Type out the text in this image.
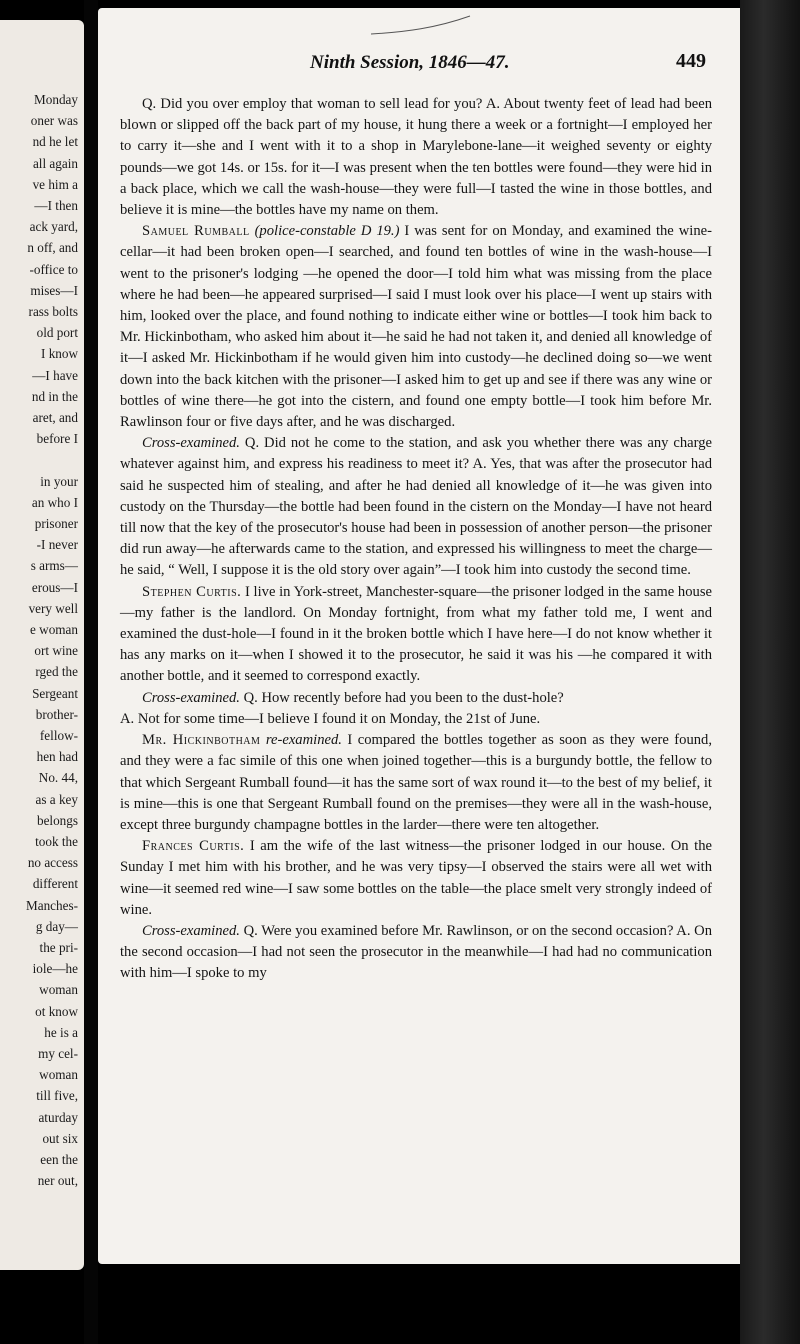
Monday
oner was
nd he let
all again
ve him a
—I then
ack yard,
n off, and
-office to
mises—I
rass bolts
old port
I know
—I have
nd in the
aret, and
before I
in your
an who I
prisoner
-I never
s arms—
erous—I
very well
e woman
ort wine
rged the
Sergeant
brother-
fellow-
hen had
No. 44,
as a key
belongs
took the
no access
different
Manches-
g day—
the pri-
iole—he
woman
ot know
he is a
my cel-
woman
till five,
aturday
out six
een the
ner out,
Ninth Session, 1846—47.	449

Q. Did you over employ that woman to sell lead for you? A. About twenty feet of lead had been blown or slipped off the back part of my house, it hung there a week or a fortnight—I employed her to carry it—she and I went with it to a shop in Marylebone-lane—it weighed seventy or eighty pounds—we got 14s. or 15s. for it—I was present when the ten bottles were found—they were hid in a back place, which we call the wash-house—they were full—I tasted the wine in those bottles, and believe it is mine—the bottles have my name on them.

Samuel Rumball (police-constable D 19.) I was sent for on Monday, and examined the wine-cellar—it had been broken open—I searched, and found ten bottles of wine in the wash-house—I went to the prisoner's lodging —he opened the door—I told him what was missing from the place where he had been—he appeared surprised—I said I must look over his place—I went up stairs with him, looked over the place, and found nothing to indicate either wine or bottles—I took him back to Mr. Hickinbotham, who asked him about it—he said he had not taken it, and denied all knowledge of it—I asked Mr. Hickinbotham if he would given him into custody—he declined doing so—we went down into the back kitchen with the prisoner—I asked him to get up and see if there was any wine or bottles of wine there—he got into the cistern, and found one empty bottle—I took him before Mr. Rawlinson four or five days after, and he was discharged.

Cross-examined. Q. Did not he come to the station, and ask you whether there was any charge whatever against him, and express his readiness to meet it? A. Yes, that was after the prosecutor had said he suspected him of stealing, and after he had denied all knowledge of it—he was given into custody on the Thursday—the bottle had been found in the cistern on the Monday—I have not heard till now that the key of the prosecutor's house had been in possession of another person—the prisoner did run away—he afterwards came to the station, and expressed his willingness to meet the charge—he said, “ Well, I suppose it is the old story over again”—I took him into custody the second time.

Stephen Curtis. I live in York-street, Manchester-square—the prisoner lodged in the same house—my father is the landlord. On Monday fortnight, from what my father told me, I went and examined the dust-hole—I found in it the broken bottle which I have here—I do not know whether it has any marks on it—when I showed it to the prosecutor, he said it was his —he compared it with another bottle, and it seemed to correspond exactly.

Cross-examined. Q. How recently before had you been to the dust-hole?

A. Not for some time—I believe I found it on Monday, the 21st of June.

Mr. Hickinbotham re-examined. I compared the bottles together as soon as they were found, and they were a fac simile of this one when joined together—this is a burgundy bottle, the fellow to that which Sergeant Rumball found—it has the same sort of wax round it—to the best of my belief, it is mine—this is one that Sergeant Rumball found on the premises—they were all in the wash-house, except three burgundy champagne bottles in the larder—there were ten altogether.

Frances Curtis. I am the wife of the last witness—the prisoner lodged in our house. On the Sunday I met him with his brother, and he was very tipsy—I observed the stairs were all wet with wine—it seemed red wine—I saw some bottles on the table—the place smelt very strongly indeed of wine.

Cross-examined. Q. Were you examined before Mr. Rawlinson, or on the second occasion? A. On the second occasion—I had not seen the prosecutor in the meanwhile—I had had no communication with him—I spoke to my
